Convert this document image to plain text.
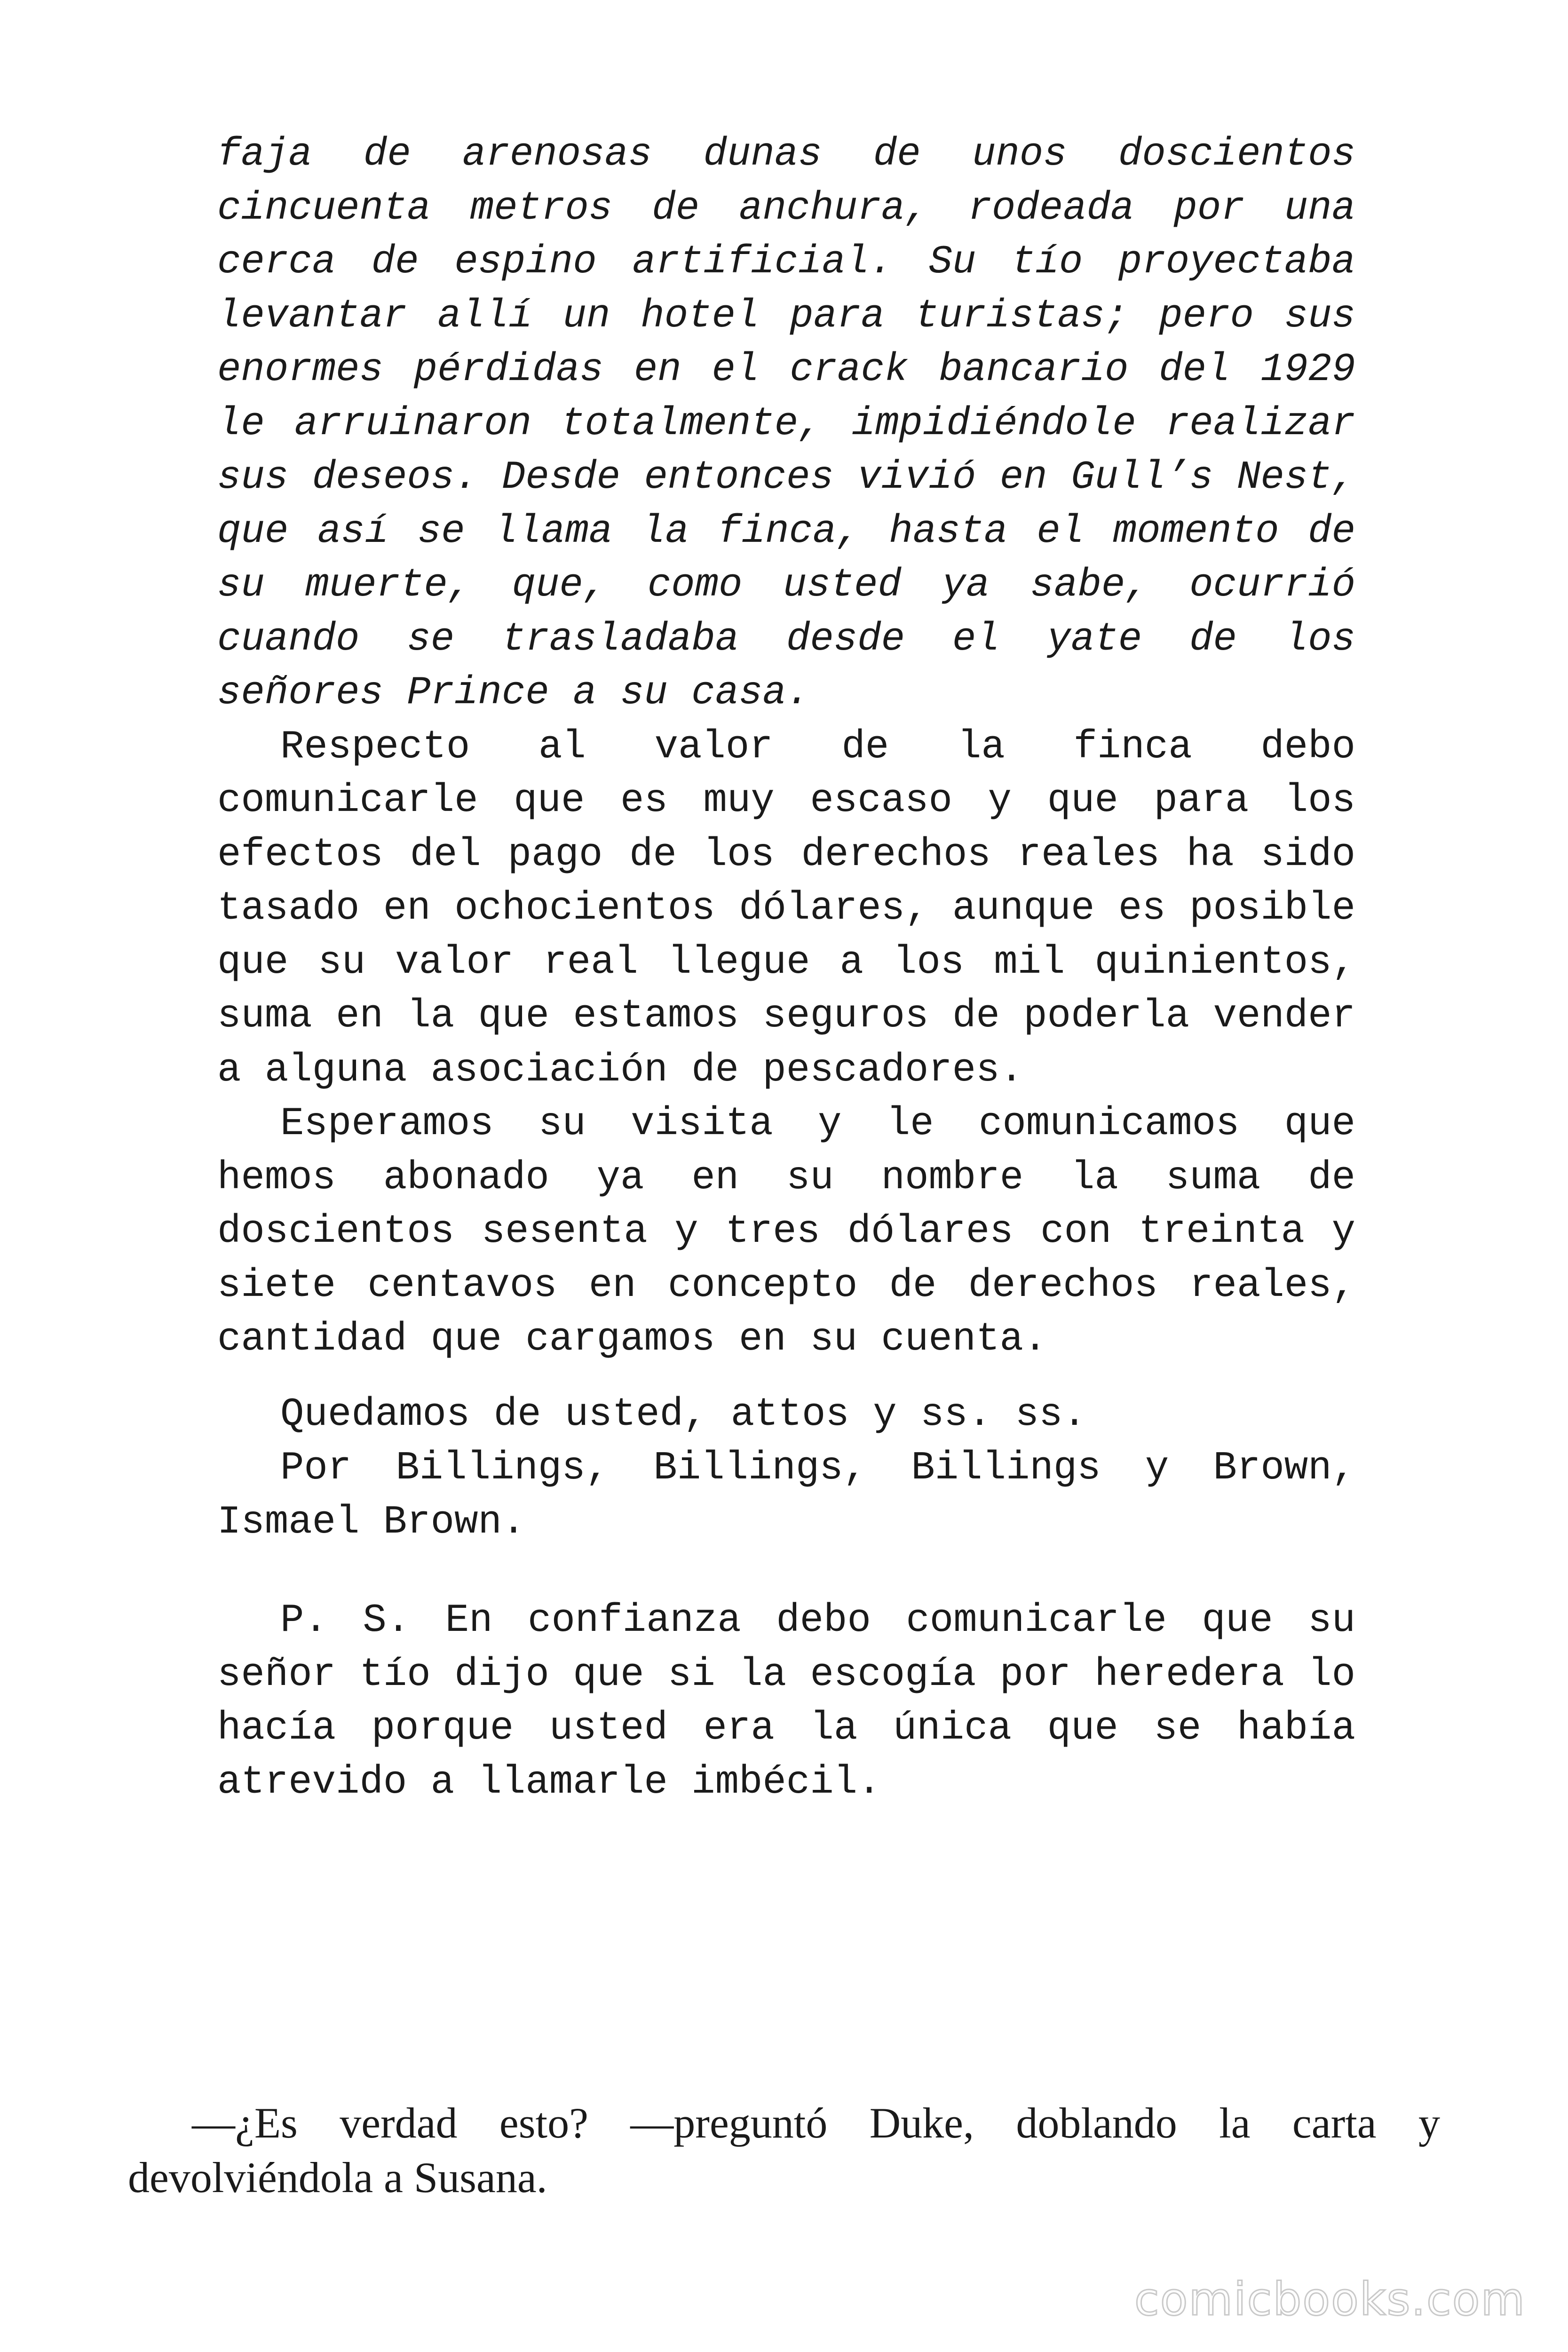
faja de arenosas dunas de unos doscientos cincuenta metros de anchura, rodeada por una cerca de espino artificial. Su tío proyectaba levantar allí un hotel para turistas; pero sus enormes pérdidas en el crack bancario del 1929 le arruinaron totalmente, impidiéndole realizar sus deseos. Desde entonces vivió en Gull’s Nest, que así se llama la finca, hasta el momento de su muerte, que, como usted ya sabe, ocurrió cuando se trasladaba desde el yate de los señores Prince a su casa.

Respecto al valor de la finca debo comunicarle que es muy escaso y que para los efectos del pago de los derechos reales ha sido tasado en ochocientos dólares, aunque es posible que su valor real llegue a los mil quinientos, suma en la que estamos seguros de poderla vender a alguna asociación de pescadores.

Esperamos su visita y le comunicamos que hemos abonado ya en su nombre la suma de doscientos sesenta y tres dólares con treinta y siete centavos en concepto de derechos reales, cantidad que cargamos en su cuenta.

Quedamos de usted, attos y ss. ss.

Por Billings, Billings, Billings y Brown, Ismael Brown.

P. S. En confianza debo comunicarle que su señor tío dijo que si la escogía por heredera lo hacía porque usted era la única que se había atrevido a llamarle imbécil.

—¿Es verdad esto? —preguntó Duke, doblando la carta y devolviéndola a Susana.

comicbooks.com
